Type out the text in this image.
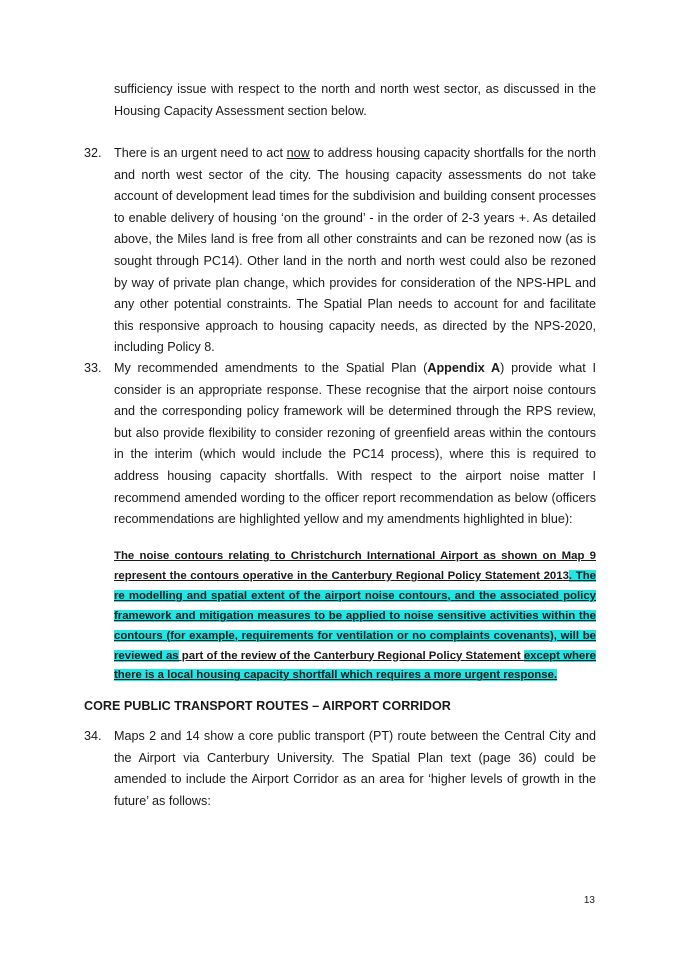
sufficiency issue with respect to the north and north west sector, as discussed in the Housing Capacity Assessment section below.

32. There is an urgent need to act now to address housing capacity shortfalls for the north and north west sector of the city. The housing capacity assessments do not take account of development lead times for the subdivision and building consent processes to enable delivery of housing ‘on the ground’ - in the order of 2-3 years +. As detailed above, the Miles land is free from all other constraints and can be rezoned now (as is sought through PC14). Other land in the north and north west could also be rezoned by way of private plan change, which provides for consideration of the NPS-HPL and any other potential constraints. The Spatial Plan needs to account for and facilitate this responsive approach to housing capacity needs, as directed by the NPS-2020, including Policy 8.

33. My recommended amendments to the Spatial Plan (Appendix A) provide what I consider is an appropriate response. These recognise that the airport noise contours and the corresponding policy framework will be determined through the RPS review, but also provide flexibility to consider rezoning of greenfield areas within the contours in the interim (which would include the PC14 process), where this is required to address housing capacity shortfalls. With respect to the airport noise matter I recommend amended wording to the officer report recommendation as below (officers recommendations are highlighted yellow and my amendments highlighted in blue):

The noise contours relating to Christchurch International Airport as shown on Map 9 represent the contours operative in the Canterbury Regional Policy Statement 2013. The re modelling and spatial extent of the airport noise contours, and the associated policy framework and mitigation measures to be applied to noise sensitive activities within the contours (for example, requirements for ventilation or no complaints covenants), will be reviewed as part of the review of the Canterbury Regional Policy Statement except where there is a local housing capacity shortfall which requires a more urgent response.

CORE PUBLIC TRANSPORT ROUTES – AIRPORT CORRIDOR

34. Maps 2 and 14 show a core public transport (PT) route between the Central City and the Airport via Canterbury University. The Spatial Plan text (page 36) could be amended to include the Airport Corridor as an area for ‘higher levels of growth in the future’ as follows:

13
